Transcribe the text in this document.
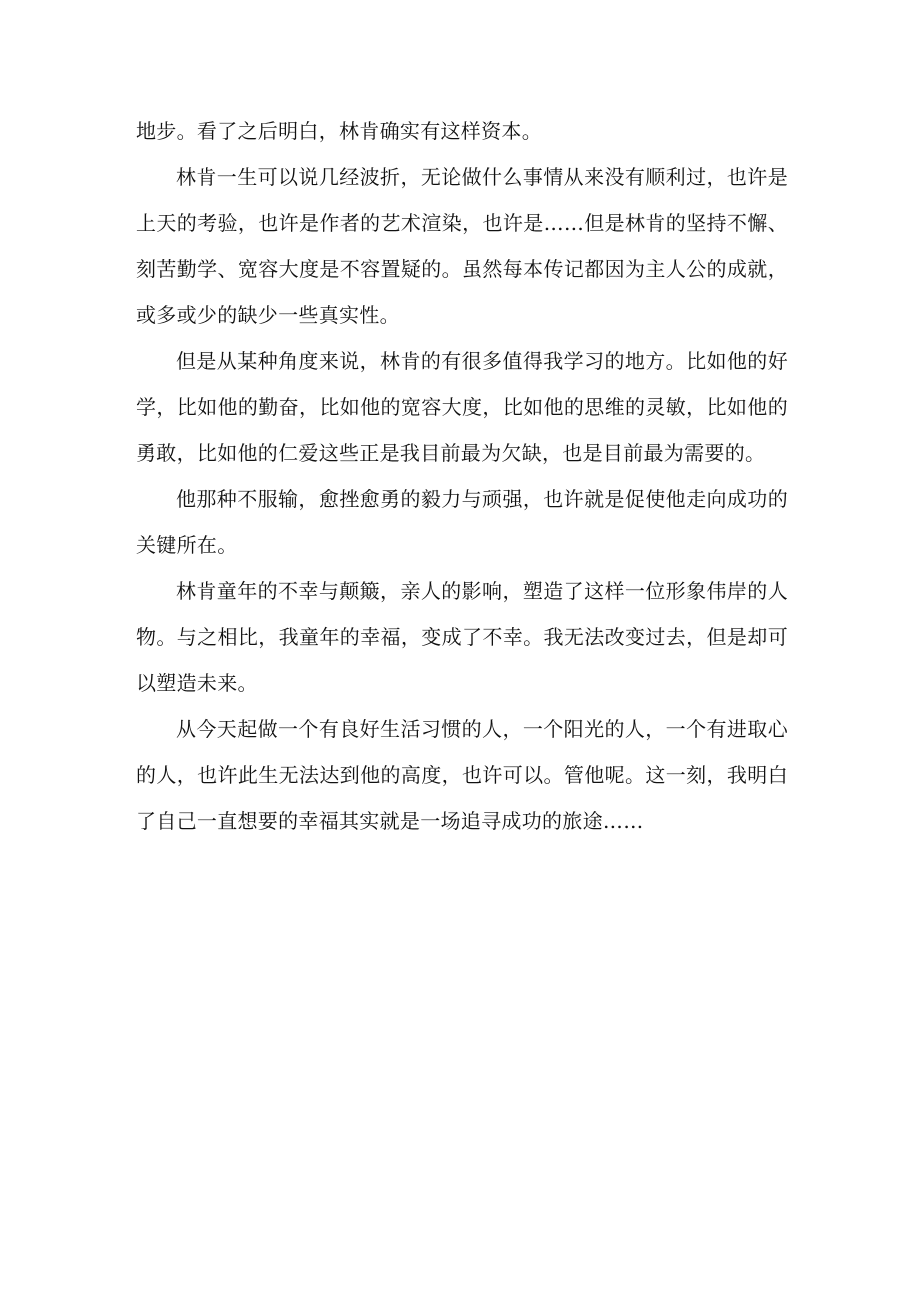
地步。看了之后明白，林肯确实有这样资本。

林肯一生可以说几经波折，无论做什么事情从来没有顺利过，也许是上天的考验，也许是作者的艺术渲染，也许是……但是林肯的坚持不懈、刻苦勤学、宽容大度是不容置疑的。虽然每本传记都因为主人公的成就，或多或少的缺少一些真实性。

但是从某种角度来说，林肯的有很多值得我学习的地方。比如他的好学，比如他的勤奋，比如他的宽容大度，比如他的思维的灵敏，比如他的勇敢，比如他的仁爱这些正是我目前最为欠缺，也是目前最为需要的。

他那种不服输，愈挫愈勇的毅力与顽强，也许就是促使他走向成功的关键所在。

林肯童年的不幸与颠簸，亲人的影响，塑造了这样一位形象伟岸的人物。与之相比，我童年的幸福，变成了不幸。我无法改变过去，但是却可以塑造未来。

从今天起做一个有良好生活习惯的人，一个阳光的人，一个有进取心的人，也许此生无法达到他的高度，也许可以。管他呢。这一刻，我明白了自己一直想要的幸福其实就是一场追寻成功的旅途……
